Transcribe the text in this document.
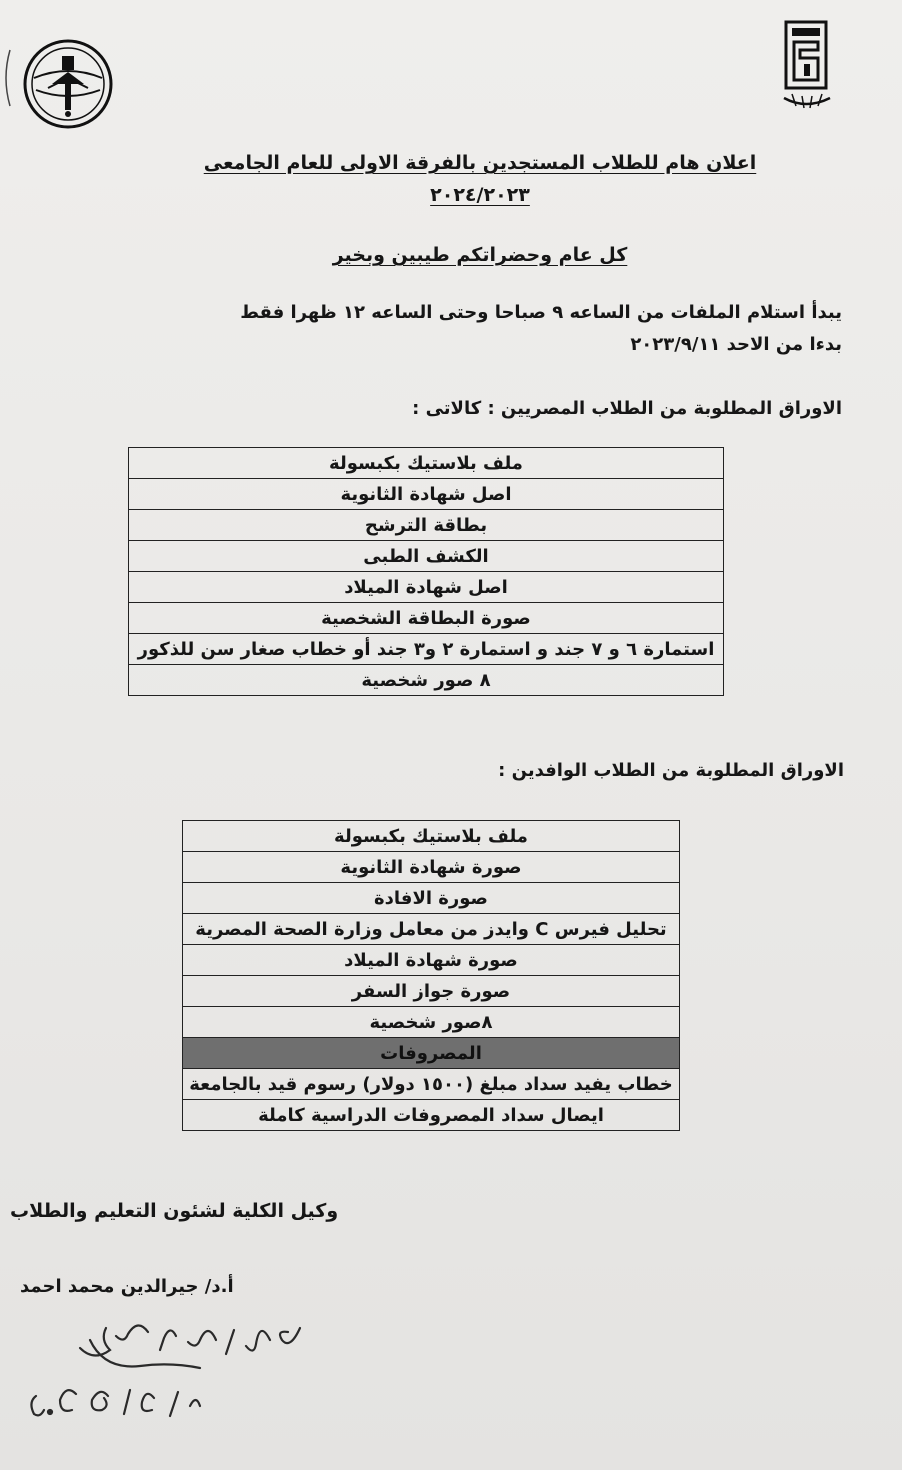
اعلان هام للطلاب المستجدين بالفرقة الاولى للعام الجامعى
٢٠٢٤/٢٠٢٣
كل عام وحضراتكم طيبين وبخير
يبدأ استلام الملفات من الساعه ٩ صباحا وحتى الساعه ١٢ ظهرا فقط
بدءا من الاحد ٢٠٢٣/٩/١١
الاوراق المطلوبة من الطلاب المصريين : كالاتى :
ملف بلاستيك بكبسولة
اصل شهادة الثانوية
بطاقة الترشح
الكشف الطبى
اصل شهادة الميلاد
صورة البطاقة الشخصية
استمارة ٦ و ٧ جند و استمارة ٢ و٣ جند أو خطاب صغار سن للذكور
٨ صور شخصية
الاوراق المطلوبة من الطلاب الوافدين :
ملف بلاستيك بكبسولة
صورة شهادة الثانوية
صورة الافادة
تحليل فيرس C وايدز من معامل وزارة الصحة المصرية
صورة شهادة الميلاد
صورة جواز السفر
٨صور شخصية
المصروفات
خطاب يفيد سداد مبلغ (١٥٠٠ دولار) رسوم قيد بالجامعة
ايصال سداد المصروفات الدراسية كاملة
وكيل الكلية لشئون التعليم والطلاب
أ.د/ جيرالدين محمد احمد
